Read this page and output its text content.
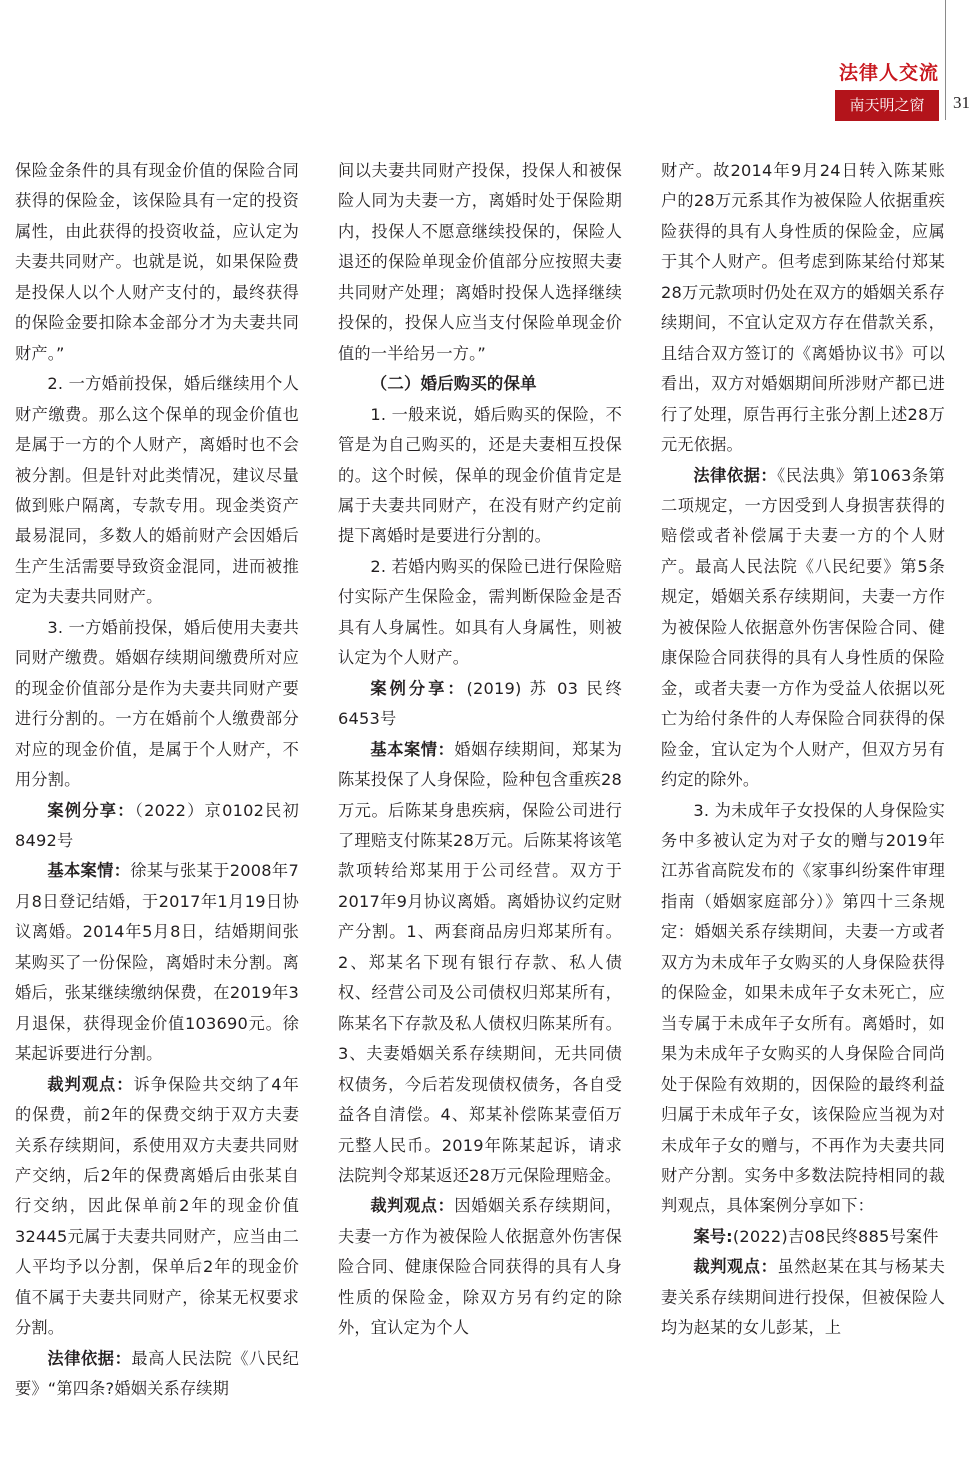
法律人交流
南天明之窗	31

保险金条件的具有现金价值的保险合同获得的保险金，该保险具有一定的投资属性，由此获得的投资收益，应认定为夫妻共同财产。也就是说，如果保险费是投保人以个人财产支付的，最终获得的保险金要扣除本金部分才为夫妻共同财产。”

2. 一方婚前投保，婚后继续用个人财产缴费。那么这个保单的现金价值也是属于一方的个人财产，离婚时也不会被分割。但是针对此类情况，建议尽量做到账户隔离，专款专用。现金类资产最易混同，多数人的婚前财产会因婚后生产生活需要导致资金混同，进而被推定为夫妻共同财产。

3. 一方婚前投保，婚后使用夫妻共同财产缴费。婚姻存续期间缴费所对应的现金价值部分是作为夫妻共同财产要进行分割的。一方在婚前个人缴费部分对应的现金价值，是属于个人财产，不用分割。

案例分享：（2022）京0102民初8492号

基本案情：徐某与张某于2008年7月8日登记结婚，于2017年1月19日协议离婚。2014年5月8日，结婚期间张某购买了一份保险，离婚时未分割。离婚后，张某继续缴纳保费，在2019年3月退保，获得现金价值103690元。徐某起诉要进行分割。

裁判观点：诉争保险共交纳了4年的保费，前2年的保费交纳于双方夫妻关系存续期间，系使用双方夫妻共同财产交纳，后2年的保费离婚后由张某自行交纳，因此保单前2年的现金价值32445元属于夫妻共同财产，应当由二人平均予以分割，保单后2年的现金价值不属于夫妻共同财产，徐某无权要求分割。

法律依据：最高人民法院《八民纪要》“第四条?婚姻关系存续期

间以夫妻共同财产投保，投保人和被保险人同为夫妻一方，离婚时处于保险期内，投保人不愿意继续投保的，保险人退还的保险单现金价值部分应按照夫妻共同财产处理；离婚时投保人选择继续投保的，投保人应当支付保险单现金价值的一半给另一方。”

（二）婚后购买的保单

1. 一般来说，婚后购买的保险，不管是为自己购买的，还是夫妻相互投保的。这个时候，保单的现金价值肯定是属于夫妻共同财产，在没有财产约定前提下离婚时是要进行分割的。

2. 若婚内购买的保险已进行保险赔付实际产生保险金，需判断保险金是否具有人身属性。如具有人身属性，则被认定为个人财产。

案例分享：(2019) 苏 03 民终6453号

基本案情：婚姻存续期间，郑某为陈某投保了人身保险，险种包含重疾28万元。后陈某身患疾病，保险公司进行了理赔支付陈某28万元。后陈某将该笔款项转给郑某用于公司经营。双方于2017年9月协议离婚。离婚协议约定财产分割。1、两套商品房归郑某所有。2、郑某名下现有银行存款、私人债权、经营公司及公司债权归郑某所有，陈某名下存款及私人债权归陈某所有。3、夫妻婚姻关系存续期间，无共同债权债务，今后若发现债权债务，各自受益各自清偿。4、郑某补偿陈某壹佰万元整人民币。2019年陈某起诉，请求法院判令郑某返还28万元保险理赔金。

裁判观点：因婚姻关系存续期间，夫妻一方作为被保险人依据意外伤害保险合同、健康保险合同获得的具有人身性质的保险金，除双方另有约定的除外，宜认定为个人

财产。故2014年9月24日转入陈某账户的28万元系其作为被保险人依据重疾险获得的具有人身性质的保险金，应属于其个人财产。但考虑到陈某给付郑某28万元款项时仍处在双方的婚姻关系存续期间，不宜认定双方存在借款关系，且结合双方签订的《离婚协议书》可以看出，双方对婚姻期间所涉财产都已进行了处理，原告再行主张分割上述28万元无依据。

法律依据：《民法典》第1063条第二项规定，一方因受到人身损害获得的赔偿或者补偿属于夫妻一方的个人财产。最高人民法院《八民纪要》第5条规定，婚姻关系存续期间，夫妻一方作为被保险人依据意外伤害保险合同、健康保险合同获得的具有人身性质的保险金，或者夫妻一方作为受益人依据以死亡为给付条件的人寿保险合同获得的保险金，宜认定为个人财产，但双方另有约定的除外。

3. 为未成年子女投保的人身保险实务中多被认定为对子女的赠与2019年江苏省高院发布的《家事纠纷案件审理指南（婚姻家庭部分）》第四十三条规定：婚姻关系存续期间，夫妻一方或者双方为未成年子女购买的人身保险获得的保险金，如果未成年子女未死亡，应当专属于未成年子女所有。离婚时，如果为未成年子女购买的人身保险合同尚处于保险有效期的，因保险的最终利益归属于未成年子女，该保险应当视为对未成年子女的赠与，不再作为夫妻共同财产分割。实务中多数法院持相同的裁判观点，具体案例分享如下：

案号:(2022)吉08民终885号案件

裁判观点：虽然赵某在其与杨某夫妻关系存续期间进行投保，但被保险人均为赵某的女儿彭某，上
